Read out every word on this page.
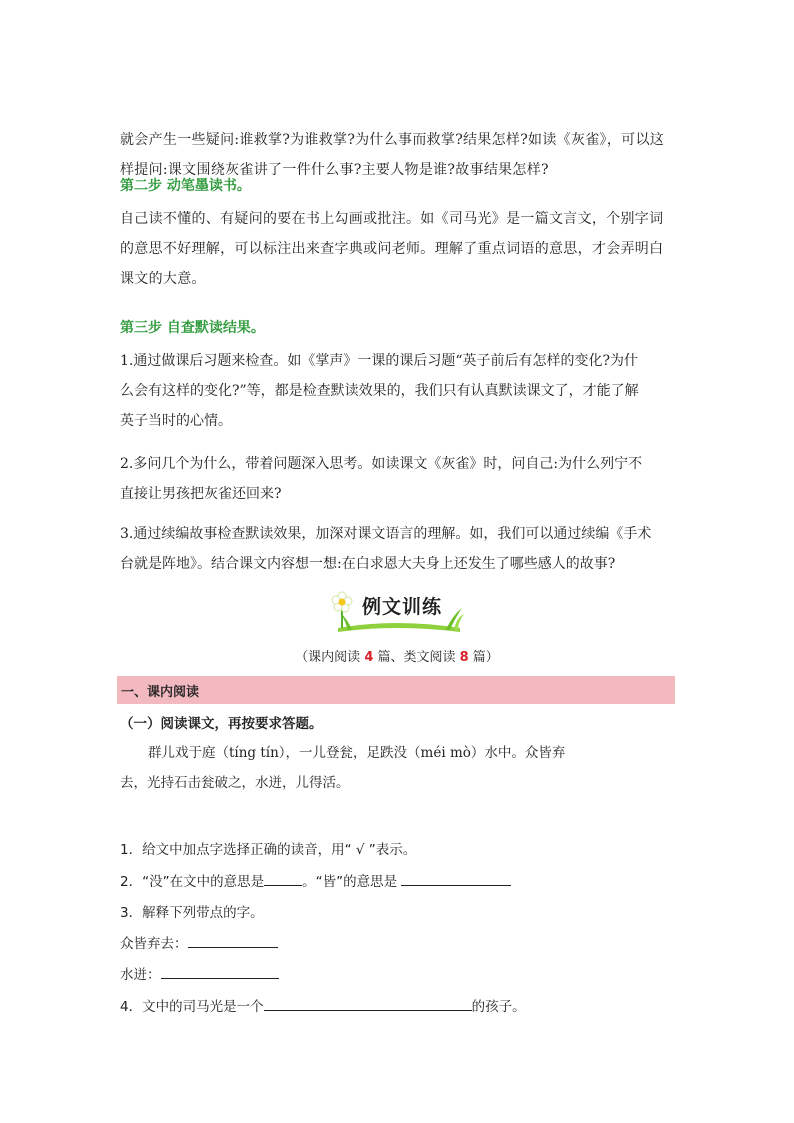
就会产生一些疑问:谁救掌?为谁救掌?为什么事而救掌?结果怎样?如读《灰雀》，可以这
样提问:课文围绕灰雀讲了一件什么事?主要人物是谁?故事结果怎样?
第二步 动笔墨读书。
自己读不懂的、有疑问的要在书上勾画或批注。如《司马光》是一篇文言文，个别字词
的意思不好理解，可以标注出来查字典或问老师。理解了重点词语的意思，才会弄明白
课文的大意。
第三步 自查默读结果。
1.通过做课后习题来检查。如《掌声》一课的课后习题“英子前后有怎样的变化?为什
么会有这样的变化?”等，都是检查默读效果的，我们只有认真默读课文了，才能了解
英子当时的心情。
2.多问几个为什么，带着问题深入思考。如读课文《灰雀》时，问自己:为什么列宁不
直接让男孩把灰雀还回来?
3.通过续编故事检查默读效果，加深对课文语言的理解。如，我们可以通过续编《手术
台就是阵地》。结合课文内容想一想:在白求恩大夫身上还发生了哪些感人的故事?
例文训练
（课内阅读 4 篇、类文阅读 8 篇）
一、课内阅读
（一）阅读课文，再按要求答题。
群儿戏于庭（tíng tín），一儿登瓮，足跌没（méi mò）水中。众皆弃
去，光持石击瓮破之，水迸，儿得活。
1．给文中加点字选择正确的读音，用“ √ ”表示。
2．“没”在文中的意思是	。“皆”的意思是
3．解释下列带点的字。
众皆弃去：
水迸：
4．文中的司马光是一个	的孩子。
